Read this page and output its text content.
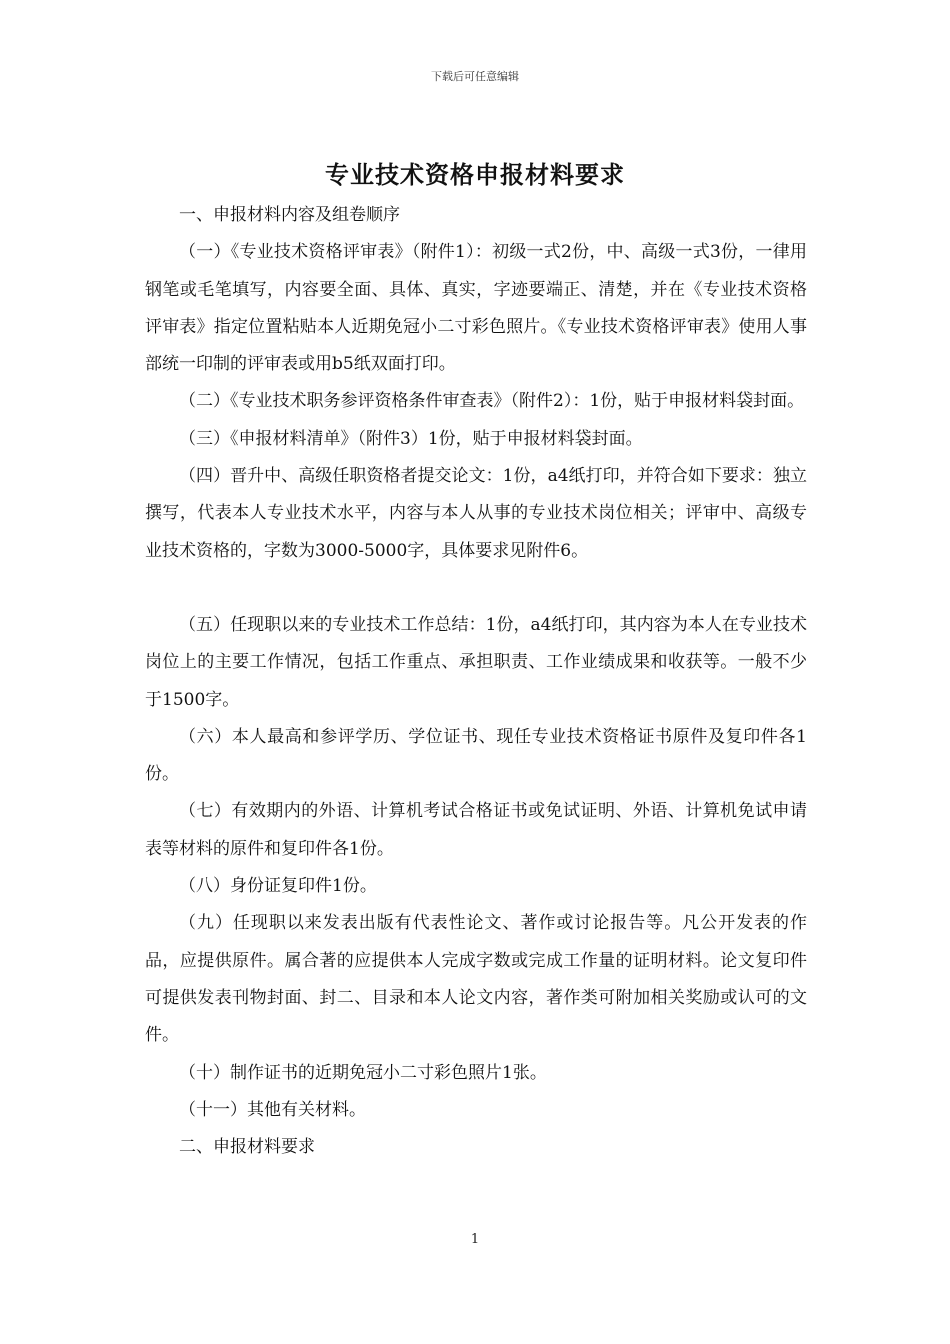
下载后可任意编辑
专业技术资格申报材料要求

一、申报材料内容及组卷顺序

（一）《专业技术资格评审表》（附件1）：初级一式2份，中、高级一式3份，一律用钢笔或毛笔填写，内容要全面、具体、真实，字迹要端正、清楚，并在《专业技术资格评审表》指定位置粘贴本人近期免冠小二寸彩色照片。《专业技术资格评审表》使用人事部统一印制的评审表或用b5纸双面打印。

（二）《专业技术职务参评资格条件审查表》（附件2）：1份，贴于申报材料袋封面。

（三）《申报材料清单》（附件3）1份，贴于申报材料袋封面。

（四）晋升中、高级任职资格者提交论文：1份，a4纸打印，并符合如下要求：独立撰写，代表本人专业技术水平，内容与本人从事的专业技术岗位相关；评审中、高级专业技术资格的，字数为3000-5000字，具体要求见附件6。

（五）任现职以来的专业技术工作总结：1份，a4纸打印，其内容为本人在专业技术岗位上的主要工作情况，包括工作重点、承担职责、工作业绩成果和收获等。一般不少于1500字。

（六）本人最高和参评学历、学位证书、现任专业技术资格证书原件及复印件各1份。

（七）有效期内的外语、计算机考试合格证书或免试证明、外语、计算机免试申请表等材料的原件和复印件各1份。

（八）身份证复印件1份。

（九）任现职以来发表出版有代表性论文、著作或讨论报告等。凡公开发表的作品，应提供原件。属合著的应提供本人完成字数或完成工作量的证明材料。论文复印件可提供发表刊物封面、封二、目录和本人论文内容，著作类可附加相关奖励或认可的文件。

（十）制作证书的近期免冠小二寸彩色照片1张。

（十一）其他有关材料。

二、申报材料要求

1
